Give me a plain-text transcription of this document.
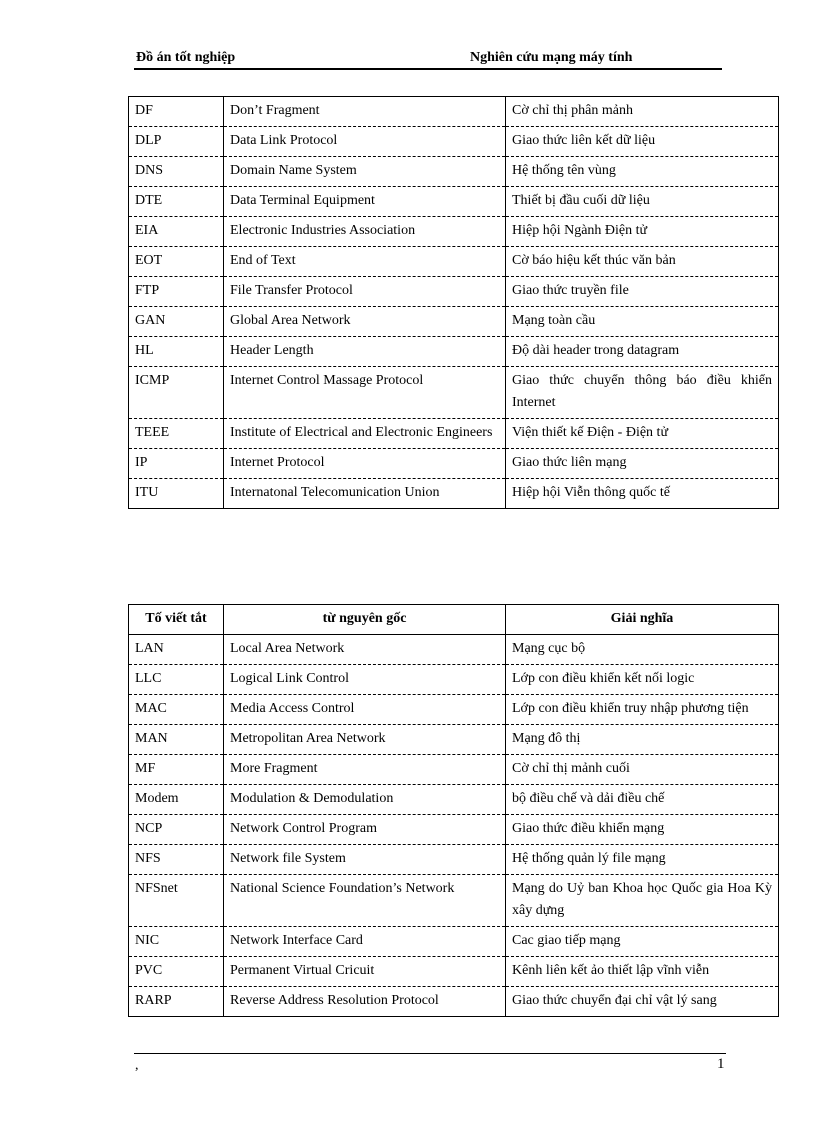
Đồ án tốt nghiệp	Nghiên cứu mạng máy tính
DF	Don’t Fragment	Cờ chỉ thị phân mảnh
DLP	Data Link Protocol	Giao thức liên kết dữ liệu
DNS	Domain Name System	Hệ thống tên vùng
DTE	Data Terminal Equipment	Thiết bị đầu cuối dữ liệu
EIA	Electronic Industries Association	Hiệp hội Ngành Điện tử
EOT	End of Text	Cờ báo hiệu kết thúc văn bản
FTP	File Transfer Protocol	Giao thức truyền file
GAN	Global Area Network	Mạng toàn cầu
HL	Header Length	Độ dài header trong datagram
ICMP	Internet Control Massage Protocol	Giao thức chuyển thông báo điều khiển Internet
TEEE	Institute of Electrical and Electronic Engineers	Viện thiết kế Điện - Điện tử
IP	Internet Protocol	Giao thức liên mạng
ITU	Internatonal Telecomunication Union	Hiệp hội Viễn thông quốc tế
Tố viết tắt	từ nguyên gốc	Giải nghĩa
LAN	Local Area Network	Mạng cục bộ
LLC	Logical Link Control	Lớp con điều khiển kết nối logic
MAC	Media Access Control	Lớp con điều khiển truy nhập phương tiện
MAN	Metropolitan Area Network	Mạng đô thị
MF	More Fragment	Cờ chỉ thị mảnh cuối
Modem	Modulation & Demodulation	bộ điều chế và dải điều chế
NCP	Network Control Program	Giao thức điều khiển mạng
NFS	Network file System	Hệ thống quản lý file mạng
NFSnet	National Science Foundation’s Network	Mạng do Uỷ ban Khoa học Quốc gia Hoa Kỳ xây dựng
NIC	Network Interface Card	Cac giao tiếp mạng
PVC	Permanent Virtual Cricuit	Kênh liên kết ảo thiết lập vĩnh viễn
RARP	Reverse Address Resolution Protocol	Giao thức chuyển đại chỉ vật lý sang
,	1
